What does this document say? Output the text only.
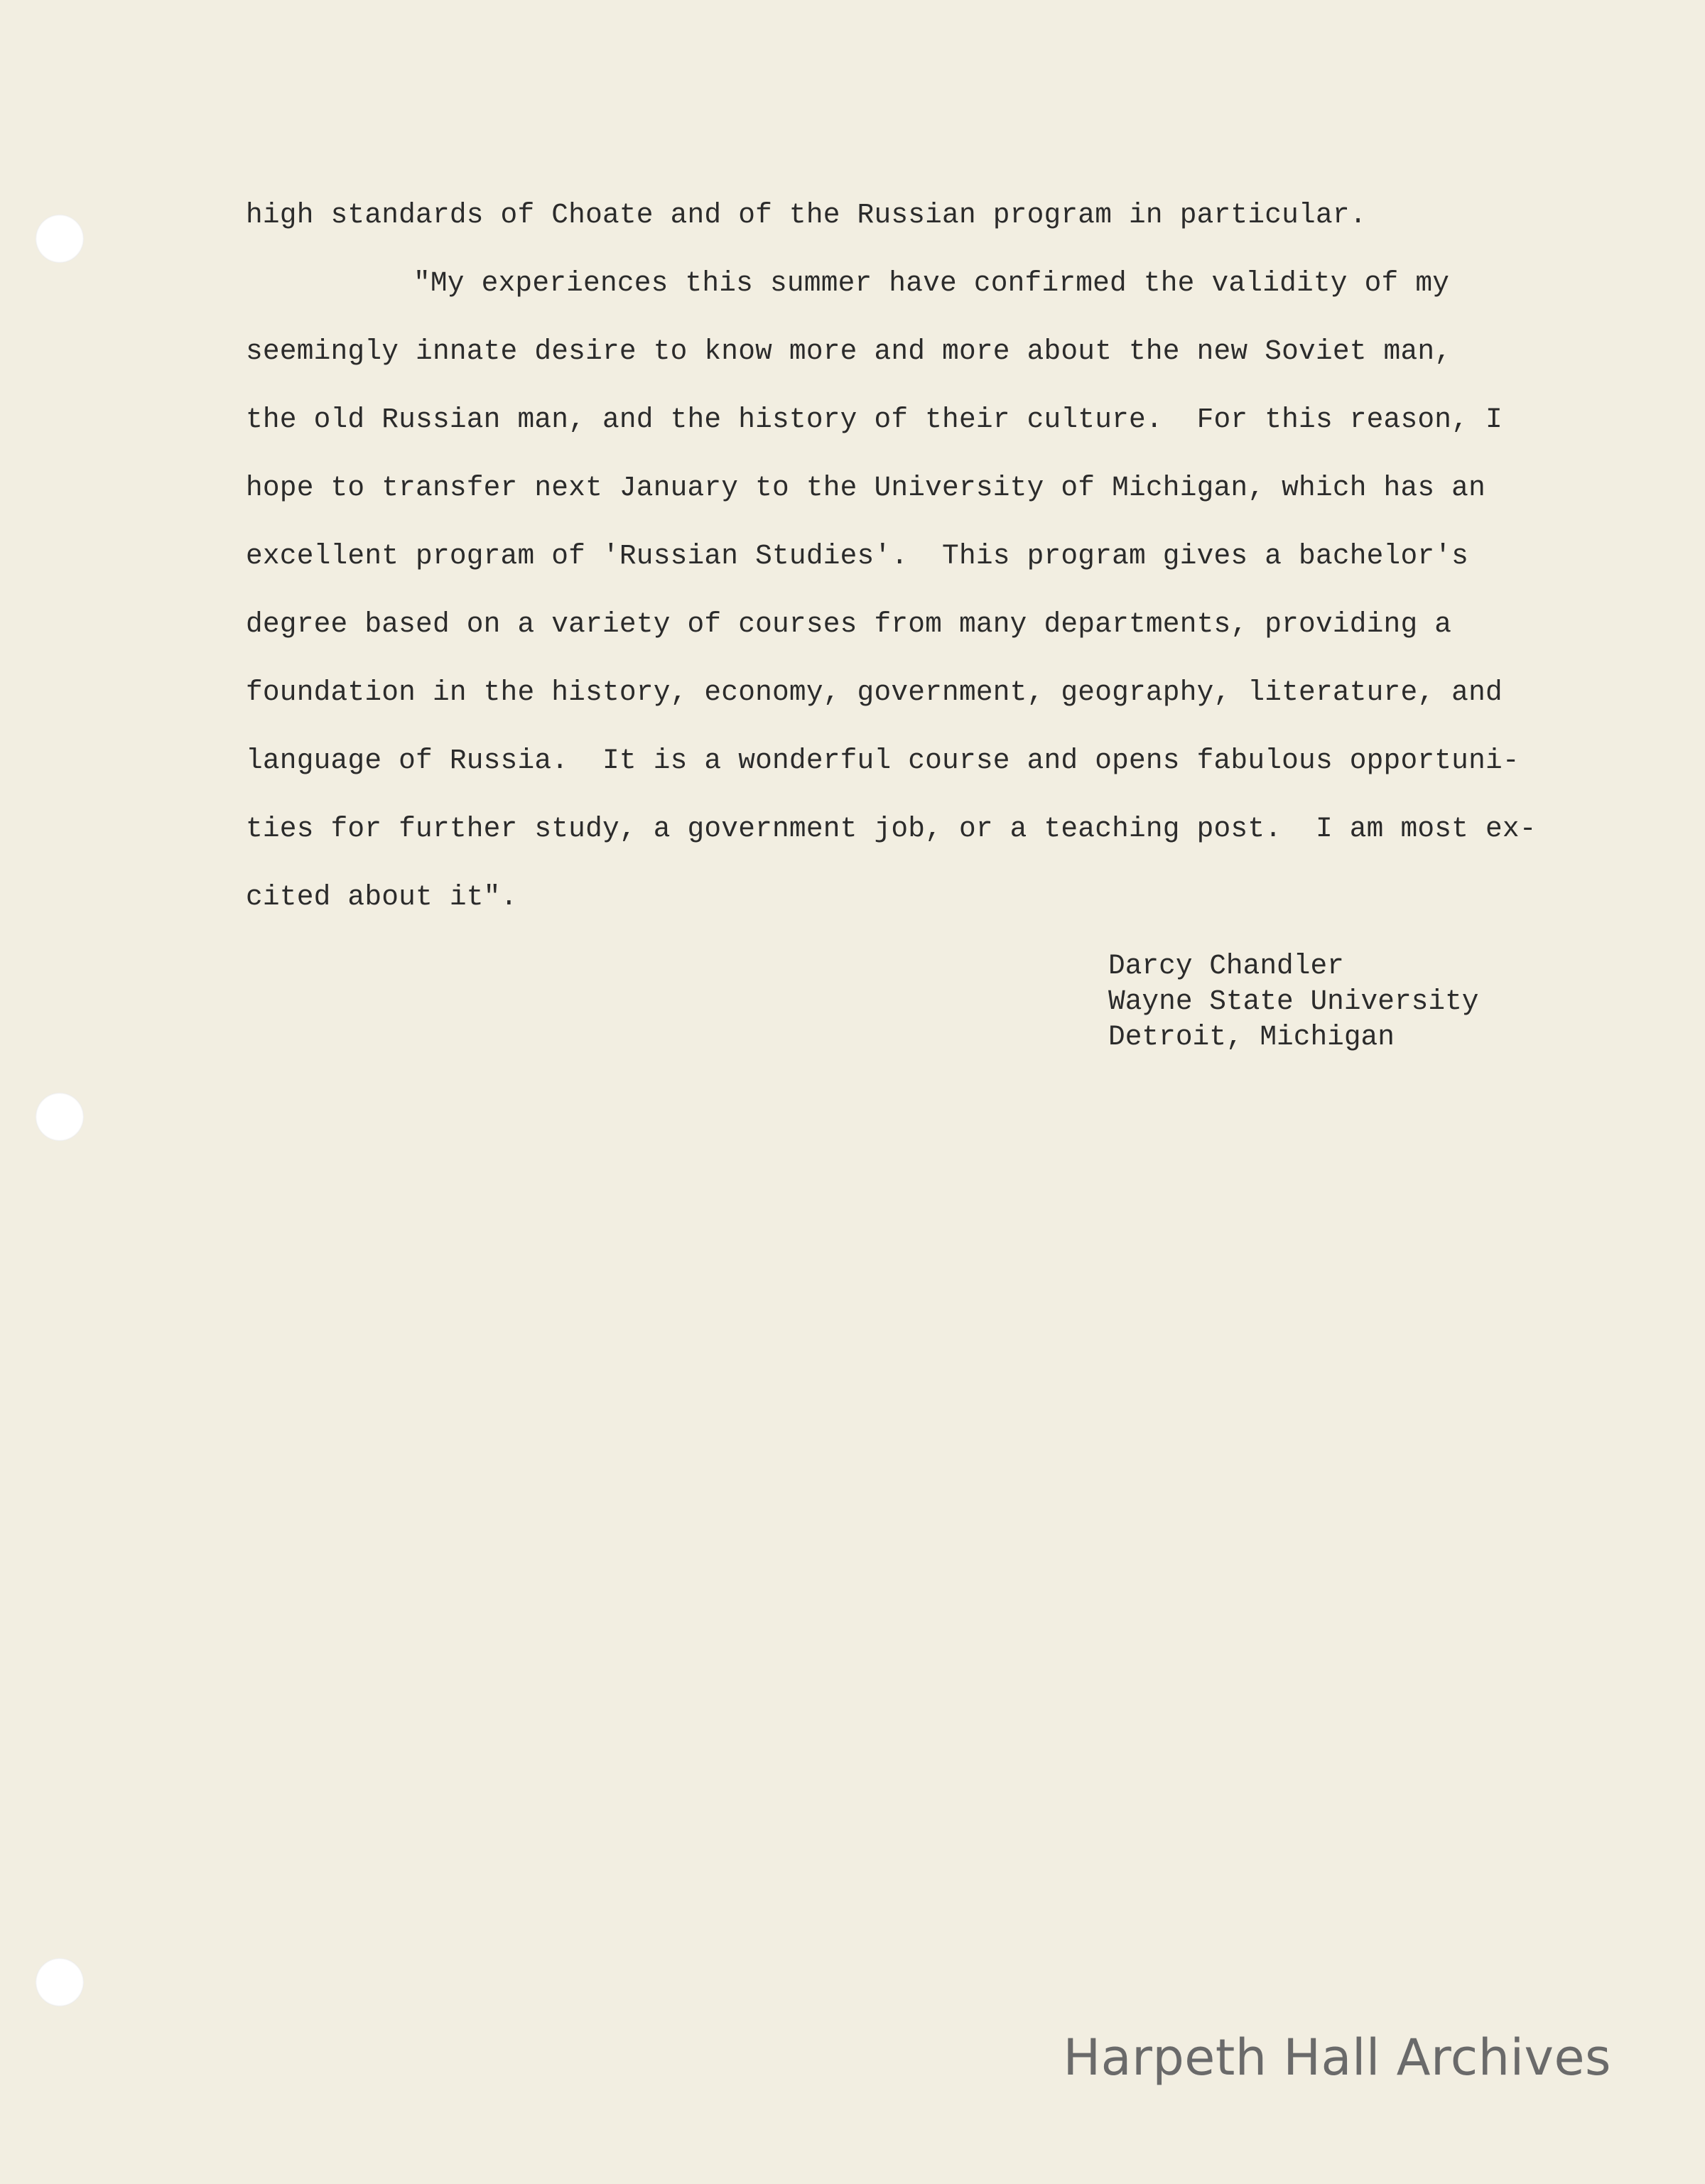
high standards of Choate and of the Russian program in particular.
"My experiences this summer have confirmed the validity of my
seemingly innate desire to know more and more about the new Soviet man,
the old Russian man, and the history of their culture.  For this reason, I
hope to transfer next January to the University of Michigan, which has an
excellent program of 'Russian Studies'.  This program gives a bachelor's
degree based on a variety of courses from many departments, providing a
foundation in the history, economy, government, geography, literature, and
language of Russia.  It is a wonderful course and opens fabulous opportuni-
ties for further study, a government job, or a teaching post.  I am most ex-
cited about it".
Darcy Chandler
Wayne State University
Detroit, Michigan
Harpeth Hall Archives
